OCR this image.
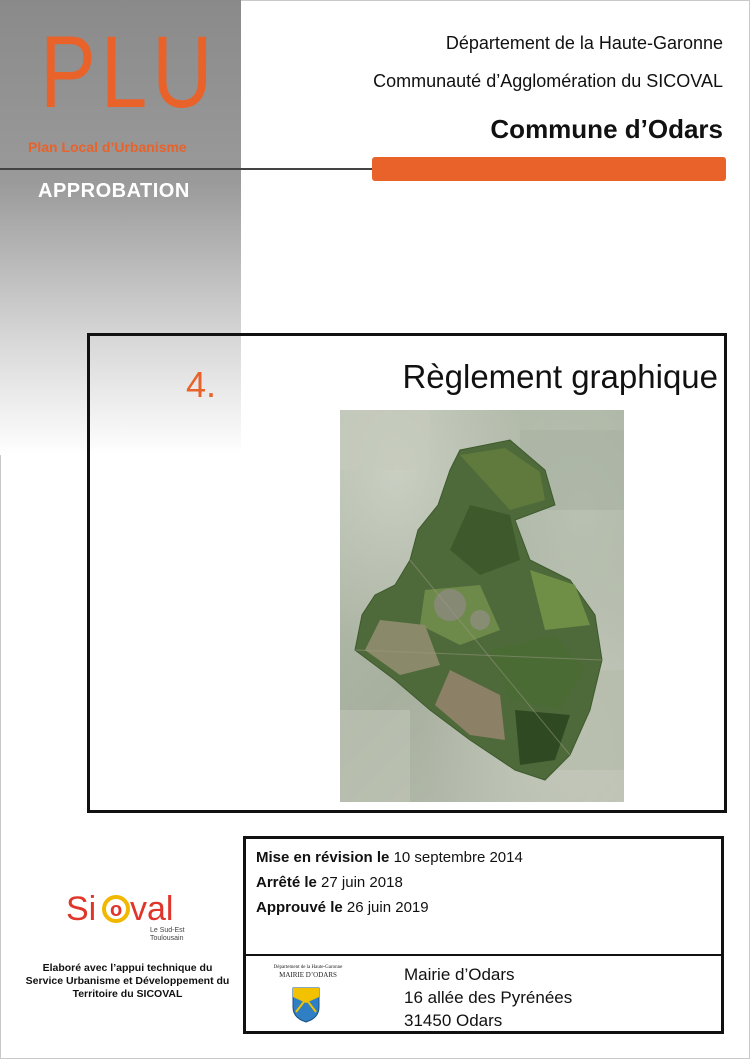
PLU
Plan Local d’Urbanisme
APPROBATION
Département de la Haute-Garonne
Communauté d’Agglomération du SICOVAL
Commune d’Odars
4.	Règlement graphique
Mise en révision le 10 septembre 2014
Arrêté le 27 juin 2018
Approuvé le 26 juin 2019
Département de la Haute-Garonne
MAIRIE D’ODARS	Mairie d’Odars
16 allée des Pyrénées
31450 Odars
Si o val
Le Sud-Est
Toulousain
Elaboré avec l’appui technique du Service Urbanisme et Développement du Territoire du SICOVAL
